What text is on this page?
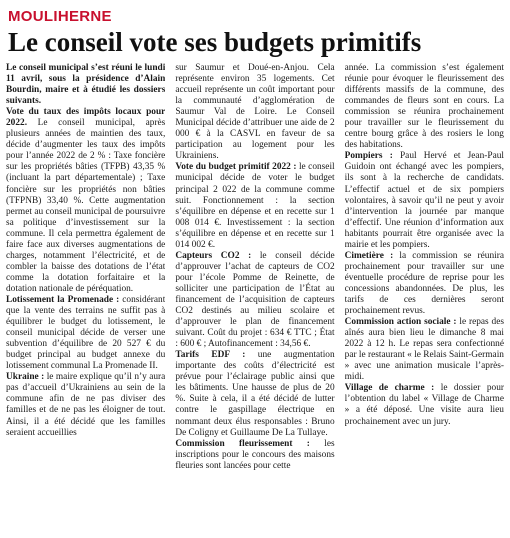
MOULIHERNE
Le conseil vote ses budgets primitifs

Le conseil municipal s’est réuni le lundi 11 avril, sous la présidence d’Alain Bourdin, maire et à étudié les dossiers suivants.

Vote du taux des impôts locaux pour 2022. Le conseil municipal, après plusieurs années de maintien des taux, décide d’augmenter les taux des impôts pour l’année 2022 de 2 % : Taxe foncière sur les propriétés bâties (TFPB) 43,35 % (incluant la part départementale) ; Taxe foncière sur les propriétés non bâties (TFPNB) 33,40 %. Cette augmentation permet au conseil municipal de poursuivre sa politique d’investissement sur la commune. Il cela permettra également de faire face aux diverses augmentations de charges, notamment l’électricité, et de combler la baisse des dotations de l’état comme la dotation forfaitaire et la dotation nationale de péréquation.

Lotissement la Promenade : considérant que la vente des terrains ne suffit pas à équilibrer le budget du lotissement, le conseil municipal décide de verser une subvention d’équilibre de 20 527 € du budget principal au budget annexe du lotissement communal La Promenade II.

Ukraine : le maire explique qu’il n’y aura pas d’accueil d’Ukrainiens au sein de la commune afin de ne pas diviser des familles et de ne pas les éloigner de tout. Ainsi, il a été décidé que les familles seraient accueillies

sur Saumur et Doué-en-Anjou. Cela représente environ 35 logements. Cet accueil représente un coût important pour la communauté d’agglomération de Saumur Val de Loire. Le Conseil Municipal décide d’attribuer une aide de 2 000 € à la CASVL en faveur de sa participation au logement pour les Ukrainiens.

Vote du budget primitif 2022 : le conseil municipal décide de voter le budget principal 2 022 de la commune comme suit. Fonctionnement : la section s’équilibre en dépense et en recette sur 1 008 014 €. Investissement : la section s’équilibre en dépense et en recette sur 1 014 002 €.

Capteurs CO2 : le conseil décide d’approuver l’achat de capteurs de CO2 pour l’école Pomme de Reinette, de solliciter une participation de l’État au financement de l’acquisition de capteurs CO2 destinés au milieu scolaire et d’approuver le plan de financement suivant. Coût du projet : 634 € TTC ; État : 600 € ; Autofinancement : 34,56 €.

Tarifs EDF : une augmentation importante des coûts d’électricité est prévue pour l’éclairage public ainsi que les bâtiments. Une hausse de plus de 20 %. Suite à cela, il a été décidé de lutter contre le gaspillage électrique en nommant deux élus responsables : Bruno De Coligny et Guillaume De La Tullaye.

Commission fleurissement : les inscriptions pour le concours des maisons fleuries sont lancées pour cette

année. La commission s’est également réunie pour évoquer le fleurissement des différents massifs de la commune, des commandes de fleurs sont en cours. La commission se réunira prochainement pour travailler sur le fleurissement du centre bourg grâce à des rosiers le long des habitations.

Pompiers : Paul Hervé et Jean-Paul Guidoin ont échangé avec les pompiers, ils sont à la recherche de candidats. L’effectif actuel et de six pompiers volontaires, à savoir qu’il ne peut y avoir d’intervention la journée par manque d’effectif. Une réunion d’information aux habitants pourrait être organisée avec la mairie et les pompiers.

Cimetière : la commission se réunira prochainement pour travailler sur une éventuelle procédure de reprise pour les concessions abandonnées. De plus, les tarifs de ces dernières seront prochainement revus.

Commission action sociale : le repas des aînés aura bien lieu le dimanche 8 mai 2022 à 12 h. Le repas sera confectionné par le restaurant « le Relais Saint-Germain » avec une animation musicale l’après-midi.

Village de charme : le dossier pour l’obtention du label « Village de Charme » a été déposé. Une visite aura lieu prochainement avec un jury.
